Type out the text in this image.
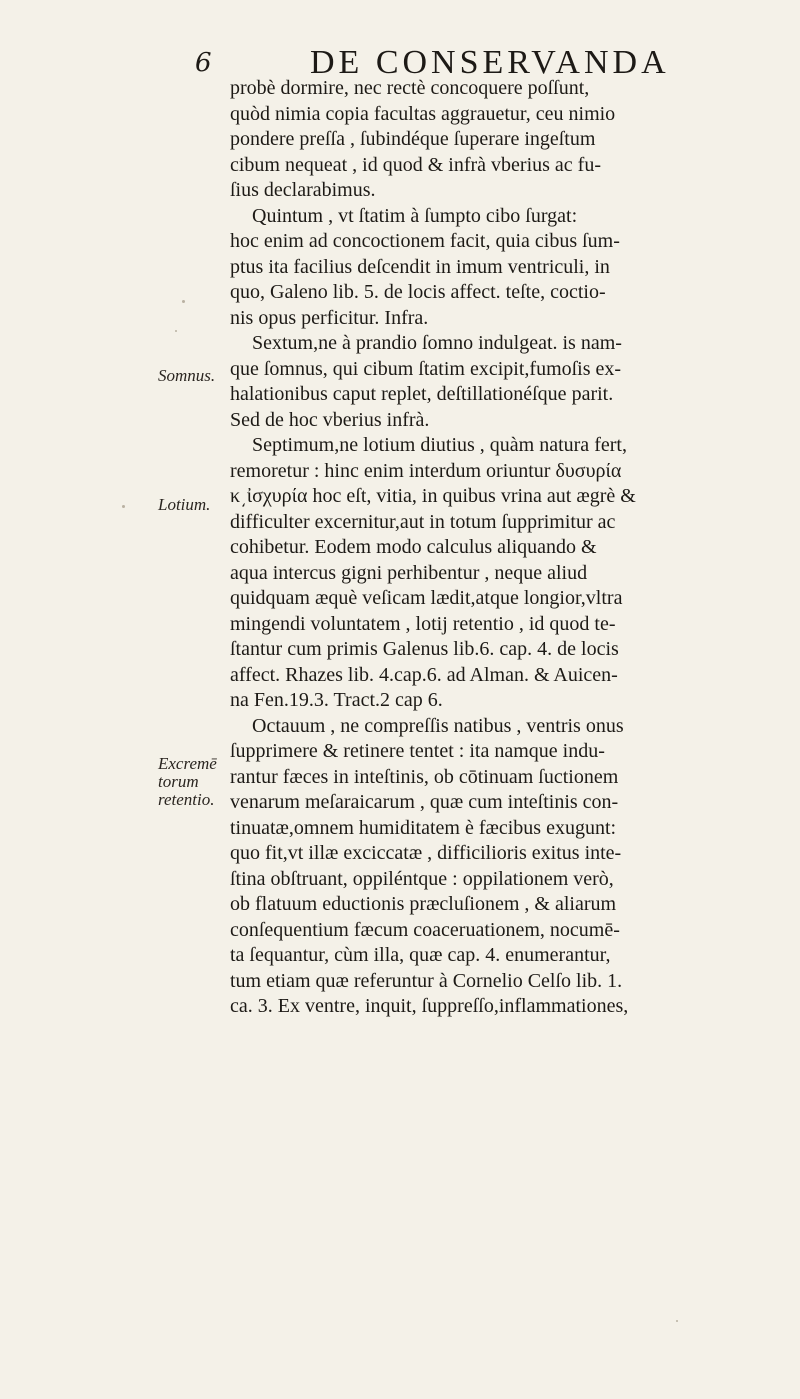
6	DE CONSERVANDA
Somnus.
Lotium.
Excremē
torum
retentio.
probè dormire, nec rectè concoquere poſſunt,
quòd nimia copia facultas aggrauetur, ceu nimio
pondere preſſa , ſubindéque ſuperare ingeſtum
cibum nequeat , id quod & infrà vberius ac fu-
ſius declarabimus.
Quintum , vt ſtatim à ſumpto cibo ſurgat:
hoc enim ad concoctionem facit, quia cibus ſum-
ptus ita facilius deſcendit in imum ventriculi, in
quo, Galeno lib. 5. de locis affect. teſte, coctio-
nis opus perficitur. Infra.
Sextum,ne à prandio ſomno indulgeat. is nam-
que ſomnus, qui cibum ſtatim excipit,fumoſis ex-
halationibus caput replet, deſtillationéſque parit.
Sed de hoc vberius infrà.
Septimum,ne lotium diutius , quàm natura fert,
remoretur : hinc enim interdum oriuntur δυσυρία
κ͵ἰσχυρία hoc eſt, vitia, in quibus vrina aut ægrè &
difficulter excernitur,aut in totum ſupprimitur ac
cohibetur. Eodem modo calculus aliquando &
aqua intercus gigni perhibentur , neque aliud
quidquam æquè veſicam lædit,atque longior,vltra
mingendi voluntatem , lotij retentio , id quod te-
ſtantur cum primis Galenus lib.6. cap. 4. de locis
affect. Rhazes lib. 4.cap.6. ad Alman. & Auicen-
na Fen.19.3. Tract.2 cap 6.
Octauum , ne compreſſis natibus , ventris onus
ſupprimere & retinere tentet : ita namque indu-
rantur fæces in inteſtinis, ob cōtinuam ſuctionem
venarum meſaraicarum , quæ cum inteſtinis con-
tinuatæ,omnem humiditatem è fæcibus exugunt:
quo fit,vt illæ exciccatæ , difficilioris exitus inte-
ſtina obſtruant, oppiléntque : oppilationem verò,
ob flatuum eductionis præcluſionem , & aliarum
conſequentium fæcum coaceruationem, nocumē-
ta ſequantur, cùm illa, quæ cap. 4. enumerantur,
tum etiam quæ referuntur à Cornelio Celſo lib. 1.
ca. 3. Ex ventre, inquit, ſuppreſſo,inflammationes,
